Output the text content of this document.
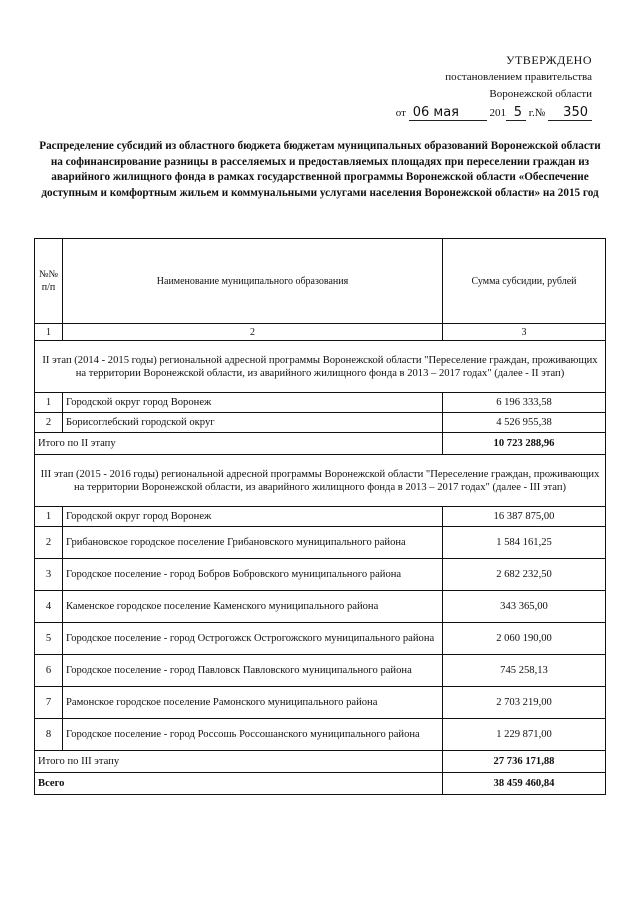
УТВЕРЖДЕНО
постановлением правительства
Воронежской области
от 06 мая	201 5 г.№ 350
Распределение субсидий из областного бюджета бюджетам муниципальных образований Воронежской области на софинансирование разницы в расселяемых и предоставляемых площадях при переселении граждан из аварийного жилищного фонда в рамках государственной программы Воронежской области «Обеспечение доступным и комфортным жильем и коммунальными услугами населения Воронежской области» на 2015 год
№№ п/п	Наименование муниципального образования	Сумма субсидии, рублей
1	2	3
II этап (2014 - 2015 годы) региональной адресной программы Воронежской области "Переселение граждан, проживающих на территории Воронежской области, из аварийного жилищного фонда в 2013 – 2017 годах" (далее - II этап)		
1	Городской округ город Воронеж	6 196 333,58
2	Борисоглебский городской округ	4 526 955,38
Итого по II этапу		10 723 288,96
III этап (2015 - 2016 годы) региональной адресной программы Воронежской области "Переселение граждан, проживающих на территории Воронежской области, из аварийного жилищного фонда в 2013 – 2017 годах" (далее - III этап)		
1	Городской округ город Воронеж	16 387 875,00
2	Грибановское городское поселение Грибановского муниципального района	1 584 161,25
3	Городское поселение - город Бобров Бобровского муниципального района	2 682 232,50
4	Каменское городское поселение Каменского муниципального района	343 365,00
5	Городское поселение - город Острогожск Острогожского муниципального района	2 060 190,00
6	Городское поселение - город Павловск Павловского муниципального района	745 258,13
7	Рамонское городское поселение Рамонского муниципального района	2 703 219,00
8	Городское поселение - город Россошь Россошанского муниципального района	1 229 871,00
Итого по III этапу		27 736 171,88
Всего		38 459 460,84
